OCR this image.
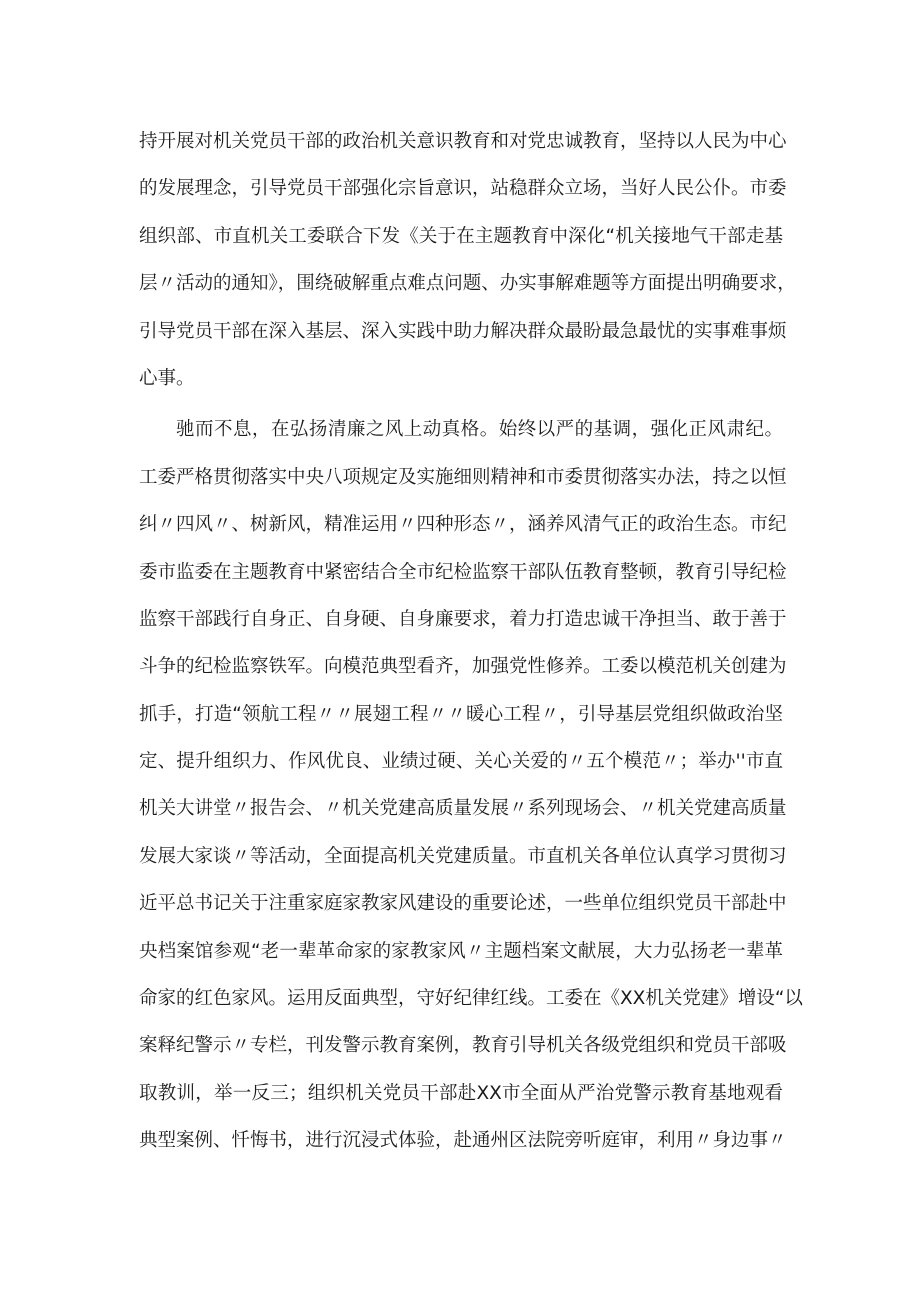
持开展对机关党员干部的政治机关意识教育和对党忠诚教育，坚持以人民为中心
的发展理念，引导党员干部强化宗旨意识，站稳群众立场，当好人民公仆。市委
组织部、市直机关工委联合下发《关于在主题教育中深化“机关接地气干部走基
层〃活动的通知》，围绕破解重点难点问题、办实事解难题等方面提出明确要求，
引导党员干部在深入基层、深入实践中助力解决群众最盼最急最忧的实事难事烦
心事。
驰而不息，在弘扬清廉之风上动真格。始终以严的基调，强化正风肃纪。
工委严格贯彻落实中央八项规定及实施细则精神和市委贯彻落实办法，持之以恒
纠〃四风〃、树新风，精准运用〃四种形态〃，涵养风清气正的政治生态。市纪
委市监委在主题教育中紧密结合全市纪检监察干部队伍教育整顿，教育引导纪检
监察干部践行自身正、自身硬、自身廉要求，着力打造忠诚干净担当、敢于善于
斗争的纪检监察铁军。向模范典型看齐，加强党性修养。工委以模范机关创建为
抓手，打造“领航工程〃〃展翅工程〃〃暖心工程〃，引导基层党组织做政治坚
定、提升组织力、作风优良、业绩过硬、关心关爱的〃五个模范〃；举办''市直
机关大讲堂〃报告会、〃机关党建高质量发展〃系列现场会、〃机关党建高质量
发展大家谈〃等活动，全面提高机关党建质量。市直机关各单位认真学习贯彻习
近平总书记关于注重家庭家教家风建设的重要论述，一些单位组织党员干部赴中
央档案馆参观“老一辈革命家的家教家风〃主题档案文献展，大力弘扬老一辈革
命家的红色家风。运用反面典型，守好纪律红线。工委在《XX机关党建》增设“以
案释纪警示〃专栏，刊发警示教育案例，教育引导机关各级党组织和党员干部吸
取教训，举一反三；组织机关党员干部赴XX市全面从严治党警示教育基地观看
典型案例、忏悔书，进行沉浸式体验，赴通州区法院旁听庭审，利用〃身边事〃
